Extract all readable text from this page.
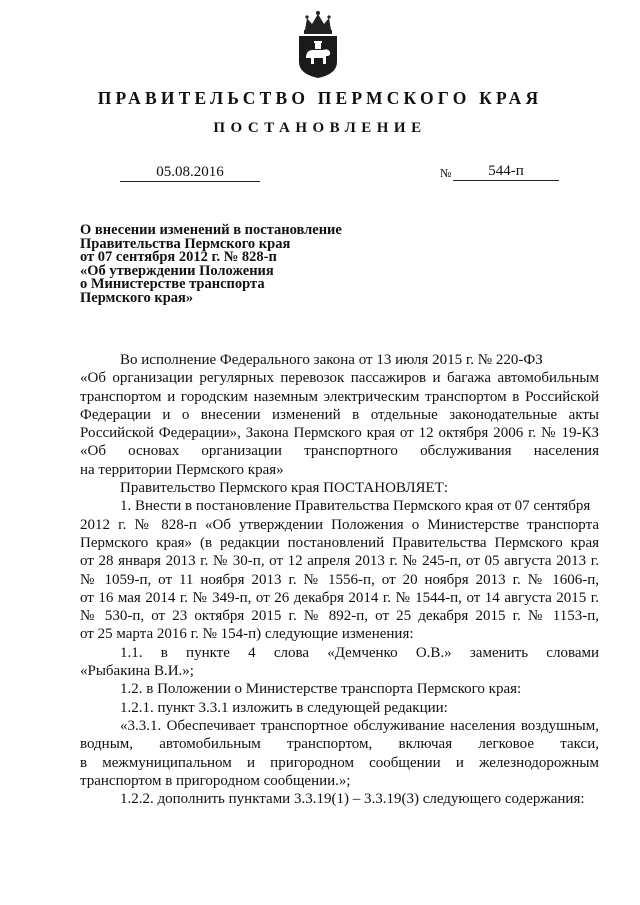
ПРАВИТЕЛЬСТВО ПЕРМСКОГО КРАЯ
ПОСТАНОВЛЕНИЕ
05.08.2016	№	544-п
О внесении изменений в постановление
Правительства Пермского края
от 07 сентября 2012 г. № 828-п
«Об утверждении Положения
о Министерстве транспорта
Пермского края»
Во исполнение Федерального закона от 13 июля 2015 г. № 220-ФЗ
«Об организации регулярных перевозок пассажиров и багажа автомобильным
транспортом и городским наземным электрическим транспортом в Российской
Федерации и о внесении изменений в отдельные законодательные акты
Российской Федерации», Закона Пермского края от 12 октября 2006 г. № 19-КЗ
«Об основах организации транспортного обслуживания населения
на территории Пермского края»
Правительство Пермского края ПОСТАНОВЛЯЕТ:
1. Внести в постановление Правительства Пермского края от 07 сентября
2012 г. № 828-п «Об утверждении Положения о Министерстве транспорта
Пермского края» (в редакции постановлений Правительства Пермского края
от 28 января 2013 г. № 30-п, от 12 апреля 2013 г. № 245-п, от 05 августа 2013 г.
№ 1059-п, от 11 ноября 2013 г. № 1556-п, от 20 ноября 2013 г. № 1606-п,
от 16 мая 2014 г. № 349-п, от 26 декабря 2014 г. № 1544-п, от 14 августа 2015 г.
№ 530-п, от 23 октября 2015 г. № 892-п, от 25 декабря 2015 г. № 1153-п,
от 25 марта 2016 г. № 154-п) следующие изменения:
1.1. в пункте 4 слова «Демченко О.В.» заменить словами
«Рыбакина В.И.»;
1.2. в Положении о Министерстве транспорта Пермского края:
1.2.1. пункт 3.3.1 изложить в следующей редакции:
«3.3.1. Обеспечивает транспортное обслуживание населения воздушным,
водным, автомобильным транспортом, включая легковое такси,
в межмуниципальном и пригородном сообщении и железнодорожным
транспортом в пригородном сообщении.»;
1.2.2. дополнить пунктами 3.3.19(1) – 3.3.19(3) следующего содержания:
